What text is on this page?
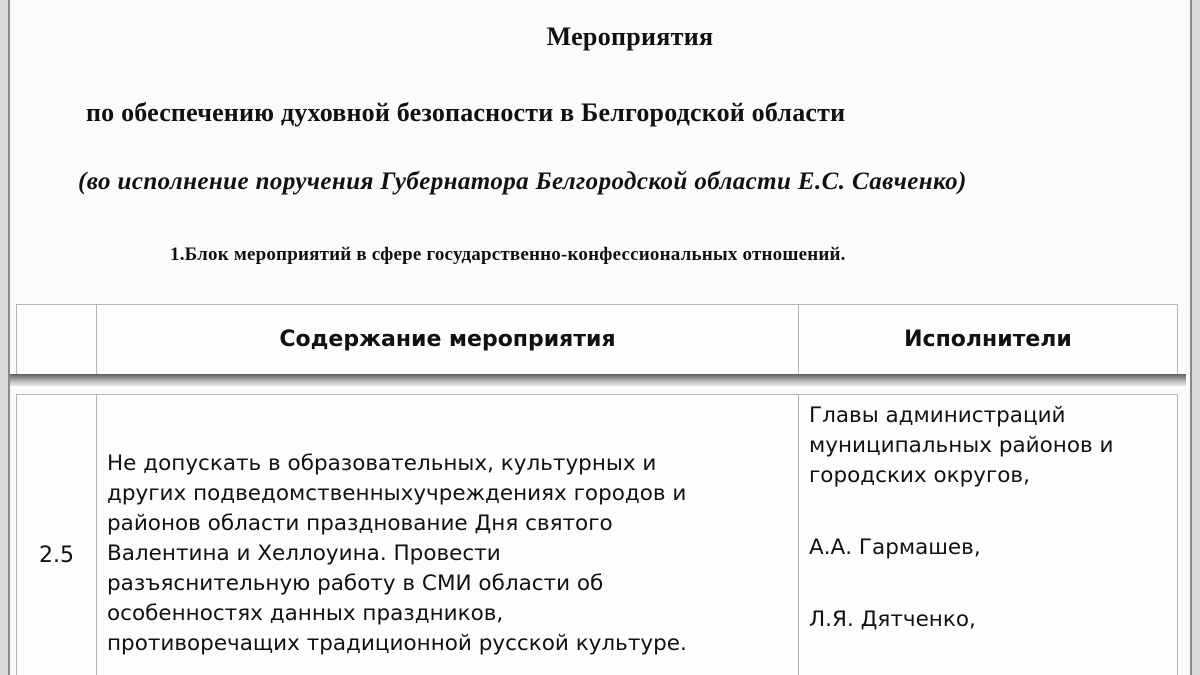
Мероприятия
по обеспечению духовной безопасности в Белгородской области
(во исполнение поручения Губернатора Белгородской области Е.С. Савченко)
1.Блок мероприятий в сфере государственно-конфессиональных отношений.
Содержание мероприятия	Исполнители
2.5
Не допускать в образовательных, культурных и
других подведомственныхучреждениях городов и
районов области празднование Дня святого
Валентина и Хеллоуина. Провести
разъяснительную работу в СМИ области об
особенностях данных праздников,
противоречащих традиционной русской культуре.
Главы администраций
муниципальных районов и
городских округов,
А.А. Гармашев,
Л.Я. Дятченко,
